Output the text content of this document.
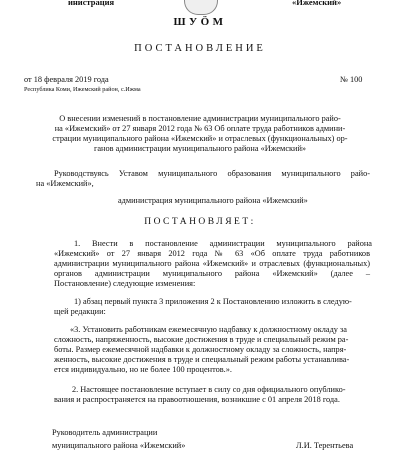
инистрация	«Ижемский»
ШУӦМ
ПОСТАНОВЛЕНИЕ
от 18 февраля 2019 года	№ 100
Республика Коми, Ижемский район, с.Ижма
О внесении изменений в постановление администрации муниципального райо-
на «Ижемский» от 27 января 2012 года № 63 Об оплате труда работников админи-
страции муниципального района «Ижемский» и отраслевых (функциональных) ор-
ганов администрации муниципального района «Ижемский»
Руководствуясь Уставом муниципального образования муниципального райо-
на «Ижемский»,
администрация муниципального района «Ижемский»
ПОСТАНОВЛЯЕТ:
1. Внести в постановление администрации муниципального района
«Ижемский» от 27 января 2012 года № 63 «Об оплате труда работников
администрации муниципального района «Ижемский» и отраслевых (функциональных)
органов администрации муниципального района «Ижемский» (далее –
Постановление) следующие изменения:
1) абзац первый пункта 3 приложения 2 к Постановлению изложить в следую-
щей редакции:
«3. Установить работникам ежемесячную надбавку к должностному окладу за
сложность, напряженность, высокие достижения в труде и специальный режим ра-
боты. Размер ежемесячной надбавки к должностному окладу за сложность, напря-
женность, высокие достижения в труде и специальный режим работы устанавлива-
ется индивидуально, но не более 100 процентов.».
2. Настоящее постановление вступает в силу со дня официального опублико-
вания и распространяется на правоотношения, возникшие с 01 апреля 2018 года.
Руководитель администрации
муниципального района «Ижемский»	Л.И. Терентьева
